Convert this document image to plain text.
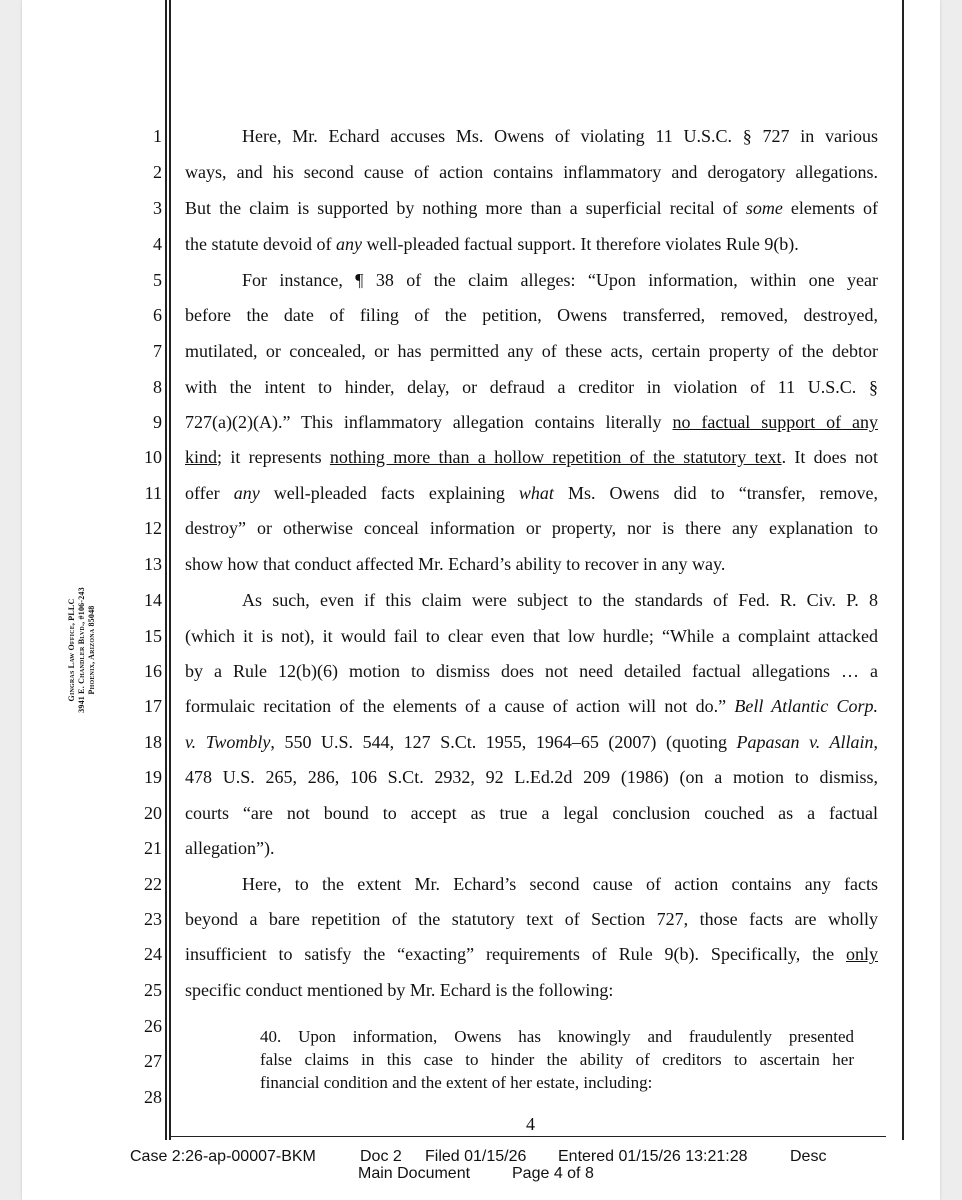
1
2
3
4
5
6
7
8
9
10
11
12
13
14
15
16
17
18
19
20
21
22
23
24
25
26
27
28
Gingras Law Office, PLLC 3941 E. Chandler Blvd., #106-243 Phoenix, Arizona 85048
Here, Mr. Echard accuses Ms. Owens of violating 11 U.S.C. § 727 in various
ways, and his second cause of action contains inflammatory and derogatory allegations.
But the claim is supported by nothing more than a superficial recital of some elements of
the statute devoid of any well-pleaded factual support. It therefore violates Rule 9(b).
For instance, ¶ 38 of the claim alleges: “Upon information, within one year
before the date of filing of the petition, Owens transferred, removed, destroyed,
mutilated, or concealed, or has permitted any of these acts, certain property of the debtor
with the intent to hinder, delay, or defraud a creditor in violation of 11 U.S.C. §
727(a)(2)(A).” This inflammatory allegation contains literally no factual support of any
kind; it represents nothing more than a hollow repetition of the statutory text. It does not
offer any well-pleaded facts explaining what Ms. Owens did to “transfer, remove,
destroy” or otherwise conceal information or property, nor is there any explanation to
show how that conduct affected Mr. Echard’s ability to recover in any way.
As such, even if this claim were subject to the standards of Fed. R. Civ. P. 8
(which it is not), it would fail to clear even that low hurdle; “While a complaint attacked
by a Rule 12(b)(6) motion to dismiss does not need detailed factual allegations … a
formulaic recitation of the elements of a cause of action will not do.” Bell Atlantic Corp.
v. Twombly, 550 U.S. 544, 127 S.Ct. 1955, 1964–65 (2007) (quoting Papasan v. Allain,
478 U.S. 265, 286, 106 S.Ct. 2932, 92 L.Ed.2d 209 (1986) (on a motion to dismiss,
courts “are not bound to accept as true a legal conclusion couched as a factual
allegation”).
Here, to the extent Mr. Echard’s second cause of action contains any facts
beyond a bare repetition of the statutory text of Section 727, those facts are wholly
insufficient to satisfy the “exacting” requirements of Rule 9(b). Specifically, the only
specific conduct mentioned by Mr. Echard is the following:
40. Upon information, Owens has knowingly and fraudulently presented
false claims in this case to hinder the ability of creditors to ascertain her
financial condition and the extent of her estate, including:
4
Case 2:26-ap-00007-BKM	Doc 2 Filed 01/15/26 Entered 01/15/26 13:21:28	Desc
Main Document	Page 4 of 8
